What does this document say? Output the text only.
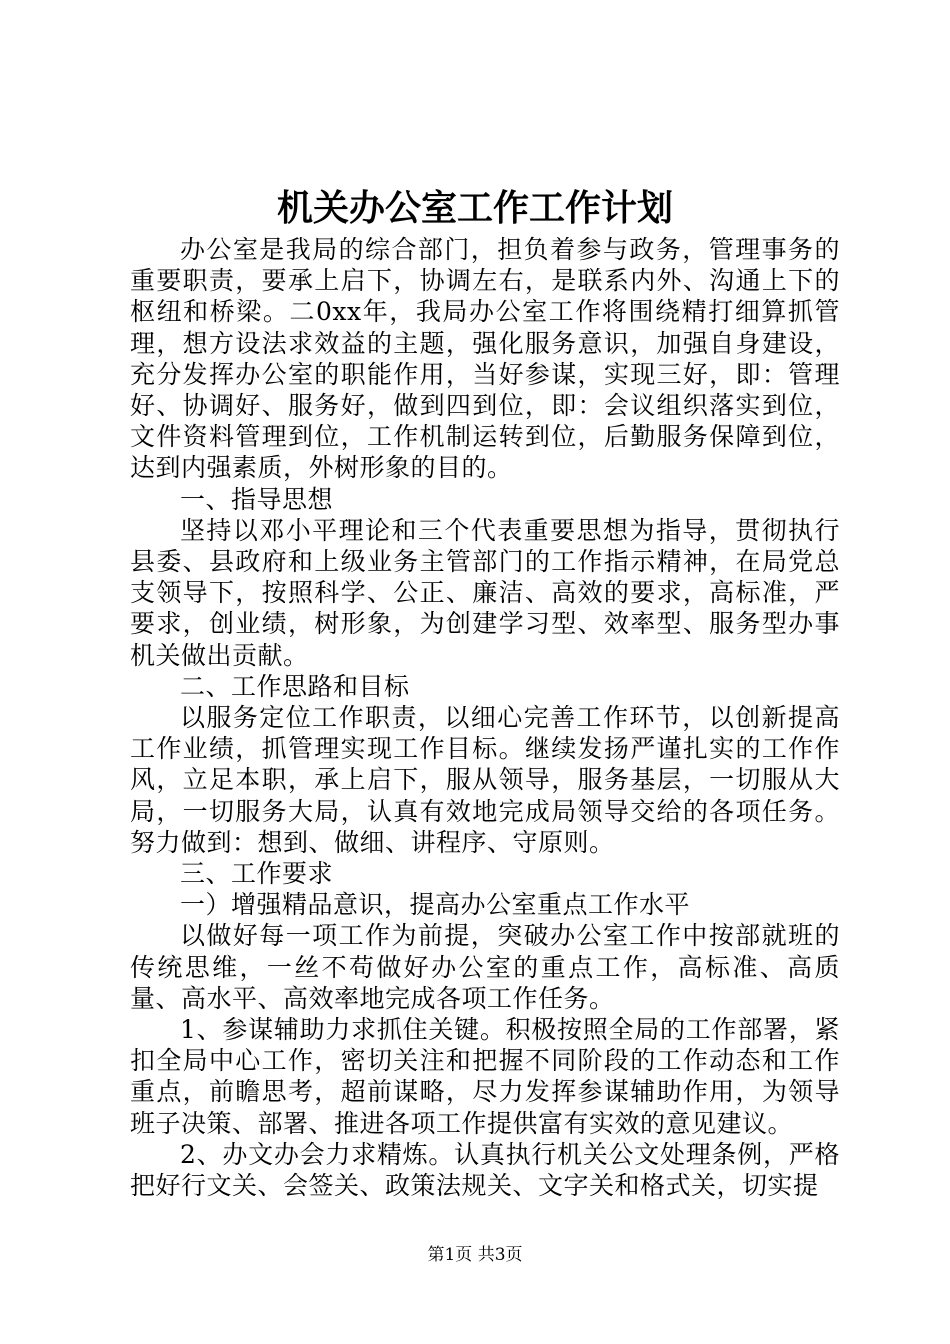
机关办公室工作工作计划

办公室是我局的综合部门，担负着参与政务，管理事务的重要职责，要承上启下，协调左右，是联系内外、沟通上下的枢纽和桥梁。二0xx年，我局办公室工作将围绕精打细算抓管理，想方设法求效益的主题，强化服务意识，加强自身建设，充分发挥办公室的职能作用，当好参谋，实现三好，即：管理好、协调好、服务好，做到四到位，即：会议组织落实到位，文件资料管理到位，工作机制运转到位，后勤服务保障到位，达到内强素质，外树形象的目的。

一、指导思想

坚持以邓小平理论和三个代表重要思想为指导，贯彻执行县委、县政府和上级业务主管部门的工作指示精神，在局党总支领导下，按照科学、公正、廉洁、高效的要求，高标准，严要求，创业绩，树形象，为创建学习型、效率型、服务型办事机关做出贡献。

二、工作思路和目标

以服务定位工作职责，以细心完善工作环节，以创新提高工作业绩，抓管理实现工作目标。继续发扬严谨扎实的工作作风，立足本职，承上启下，服从领导，服务基层，一切服从大局，一切服务大局，认真有效地完成局领导交给的各项任务。努力做到：想到、做细、讲程序、守原则。

三、工作要求

一）增强精品意识，提高办公室重点工作水平

以做好每一项工作为前提，突破办公室工作中按部就班的传统思维，一丝不苟做好办公室的重点工作，高标准、高质量、高水平、高效率地完成各项工作任务。

1、参谋辅助力求抓住关键。积极按照全局的工作部署，紧扣全局中心工作，密切关注和把握不同阶段的工作动态和工作重点，前瞻思考，超前谋略，尽力发挥参谋辅助作用，为领导班子决策、部署、推进各项工作提供富有实效的意见建议。

2、办文办会力求精炼。认真执行机关公文处理条例，严格把好行文关、会签关、政策法规关、文字关和格式关，切实提

第1页 共3页
